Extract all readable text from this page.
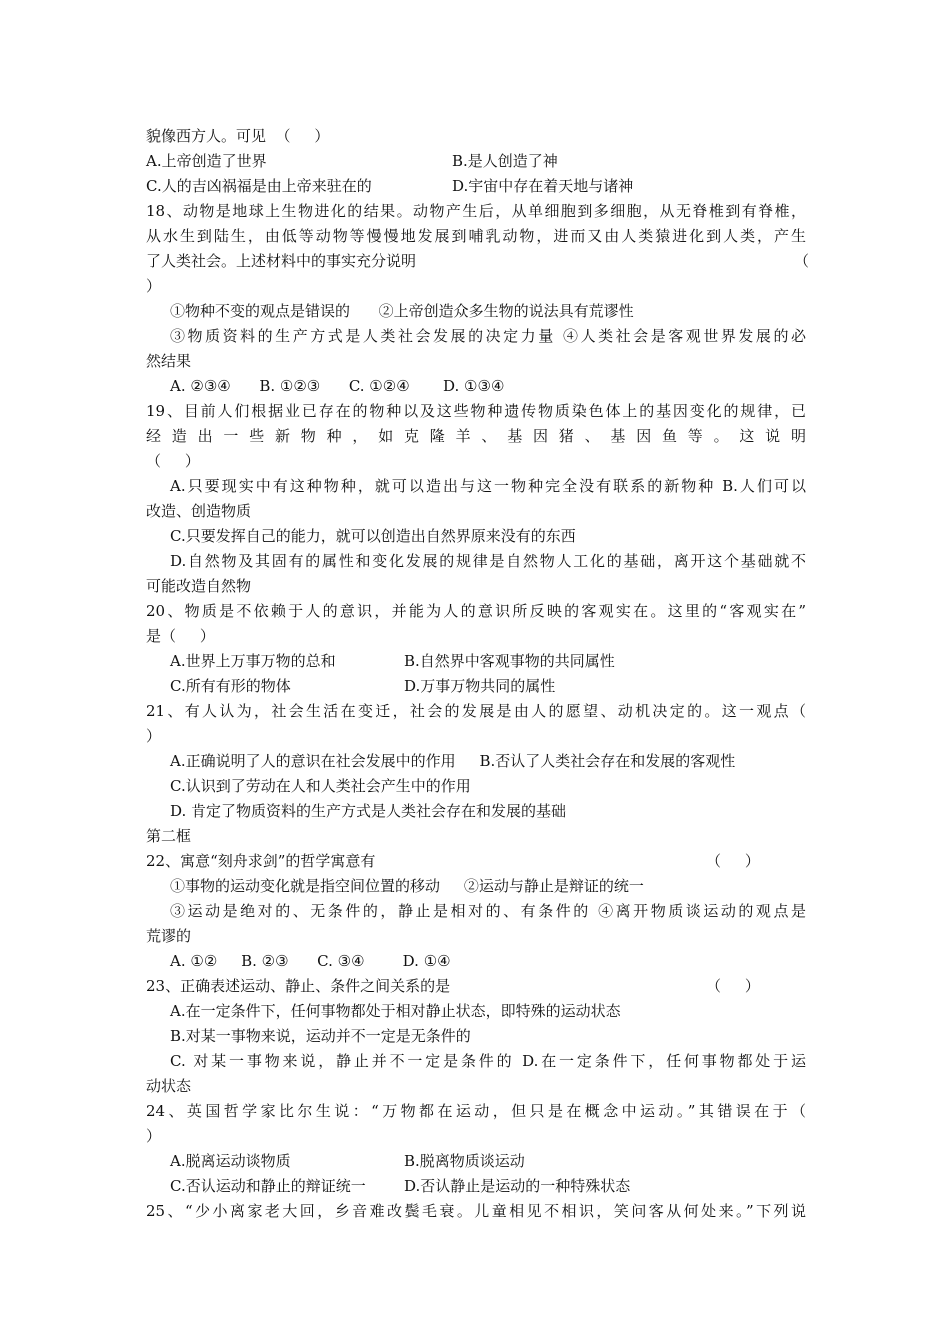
貌像西方人。可见  （     ）
A.上帝创造了世界	B.是人创造了神
C.人的吉凶祸福是由上帝来驻在的	D.宇宙中存在着天地与诸神
18、动物是地球上生物进化的结果。动物产生后，从单细胞到多细胞，从无脊椎到有脊椎，
从水生到陆生，由低等动物等慢慢地发展到哺乳动物，进而又由人类猿进化到人类，产生
了人类社会。上述材料中的事实充分说明	（
）
①物种不变的观点是错误的      ②上帝创造众多生物的说法具有荒谬性
③物质资料的生产方式是人类社会发展的决定力量 ④人类社会是客观世界发展的必
然结果
A. ②③④      B. ①②③      C. ①②④       D. ①③④
19、目前人们根据业已存在的物种以及这些物种遗传物质染色体上的基因变化的规律，已
经 造 出 一 些 新 物 种 ， 如 克 隆 羊 、 基 因 猪 、 基 因 鱼 等 。 这 说 明
（     ）
A.只要现实中有这种物种，就可以造出与这一物种完全没有联系的新物种 B.人们可以
改造、创造物质
C.只要发挥自己的能力，就可以创造出自然界原来没有的东西
D.自然物及其固有的属性和变化发展的规律是自然物人工化的基础，离开这个基础就不
可能改造自然物
20、物质是不依赖于人的意识，并能为人的意识所反映的客观实在。这里的“客观实在”
是（     ）
A.世界上万事万物的总和	B.自然界中客观事物的共同属性
C.所有有形的物体	D.万事万物共同的属性
21、有人认为，社会生活在变迁，社会的发展是由人的愿望、动机决定的。这一观点（
）
A.正确说明了人的意识在社会发展中的作用     B.否认了人类社会存在和发展的客观性
C.认识到了劳动在人和人类社会产生中的作用
D. 肯定了物质资料的生产方式是人类社会存在和发展的基础
第二框
22、寓意“刻舟求剑”的哲学寓意有	（     ）
①事物的运动变化就是指空间位置的移动     ②运动与静止是辩证的统一
③运动是绝对的、无条件的，静止是相对的、有条件的 ④离开物质谈运动的观点是
荒谬的
A. ①②     B. ②③      C. ③④        D. ①④
23、正确表述运动、静止、条件之间关系的是	（     ）
A.在一定条件下，任何事物都处于相对静止状态，即特殊的运动状态
B.对某一事物来说，运动并不一定是无条件的
C. 对某一事物来说，静止并不一定是条件的 D.在一定条件下，任何事物都处于运
动状态
24、英国哲学家比尔生说：“万物都在运动，但只是在概念中运动。”其错误在于（
）
A.脱离运动谈物质	B.脱离物质谈运动
C.否认运动和静止的辩证统一	D.否认静止是运动的一种特殊状态
25、“少小离家老大回，乡音难改鬓毛衰。儿童相见不相识，笑问客从何处来。”下列说
